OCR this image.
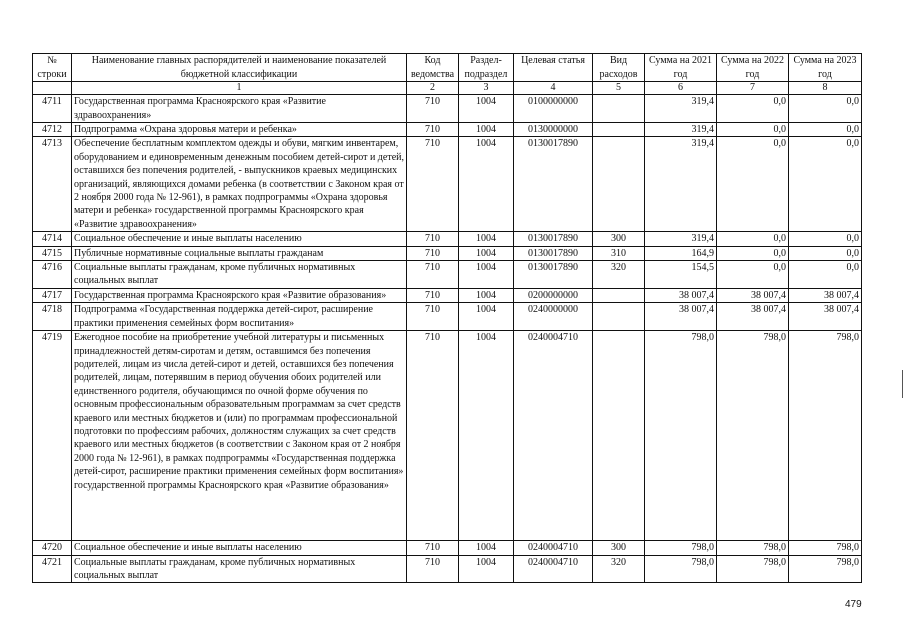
№ строки	Наименование главных распорядителей и наименование показателей бюджетной классификации	Код ведомства	Раздел-подраздел	Целевая статья	Вид расходов	Сумма на 2021 год	Сумма на 2022 год	Сумма на 2023 год
	1	2	3	4	5	6	7	8
4711	Государственная программа Красноярского края «Развитие здравоохранения»	710	1004	0100000000		319,4	0,0	0,0
4712	Подпрограмма «Охрана здоровья матери и ребенка»	710	1004	0130000000		319,4	0,0	0,0
4713	Обеспечение бесплатным комплектом одежды и обуви, мягким инвентарем, оборудованием и единовременным денежным пособием детей-сирот и детей, оставшихся без попечения родителей, - выпускников краевых медицинских организаций, являющихся домами ребенка (в соответствии с Законом края от 2 ноября 2000 года № 12-961), в рамках подпрограммы «Охрана здоровья матери и ребенка» государственной программы Красноярского края «Развитие здравоохранения»	710	1004	0130017890		319,4	0,0	0,0
4714	Социальное обеспечение и иные выплаты населению	710	1004	0130017890	300	319,4	0,0	0,0
4715	Публичные нормативные социальные выплаты гражданам	710	1004	0130017890	310	164,9	0,0	0,0
4716	Социальные выплаты гражданам, кроме публичных нормативных социальных выплат	710	1004	0130017890	320	154,5	0,0	0,0
4717	Государственная программа Красноярского края «Развитие образования»	710	1004	0200000000		38 007,4	38 007,4	38 007,4
4718	Подпрограмма «Государственная поддержка детей-сирот, расширение практики применения семейных форм воспитания»	710	1004	0240000000		38 007,4	38 007,4	38 007,4
4719	Ежегодное пособие на приобретение учебной литературы и письменных принадлежностей детям-сиротам и детям, оставшимся без попечения родителей, лицам из числа детей-сирот и детей, оставшихся без попечения родителей, лицам, потерявшим в период обучения обоих родителей или единственного родителя, обучающимся по очной форме обучения по основным профессиональным образовательным программам за счет средств краевого или местных бюджетов и (или) по программам профессиональной подготовки по профессиям рабочих, должностям служащих за счет средств краевого или местных бюджетов (в соответствии с Законом края от 2 ноября 2000 года № 12-961), в рамках подпрограммы «Государственная поддержка детей-сирот, расширение практики применения семейных форм воспитания» государственной программы Красноярского края «Развитие образования»	710	1004	0240004710		798,0	798,0	798,0
4720	Социальное обеспечение и иные выплаты населению	710	1004	0240004710	300	798,0	798,0	798,0
4721	Социальные выплаты гражданам, кроме публичных нормативных социальных выплат	710	1004	0240004710	320	798,0	798,0	798,0
479
